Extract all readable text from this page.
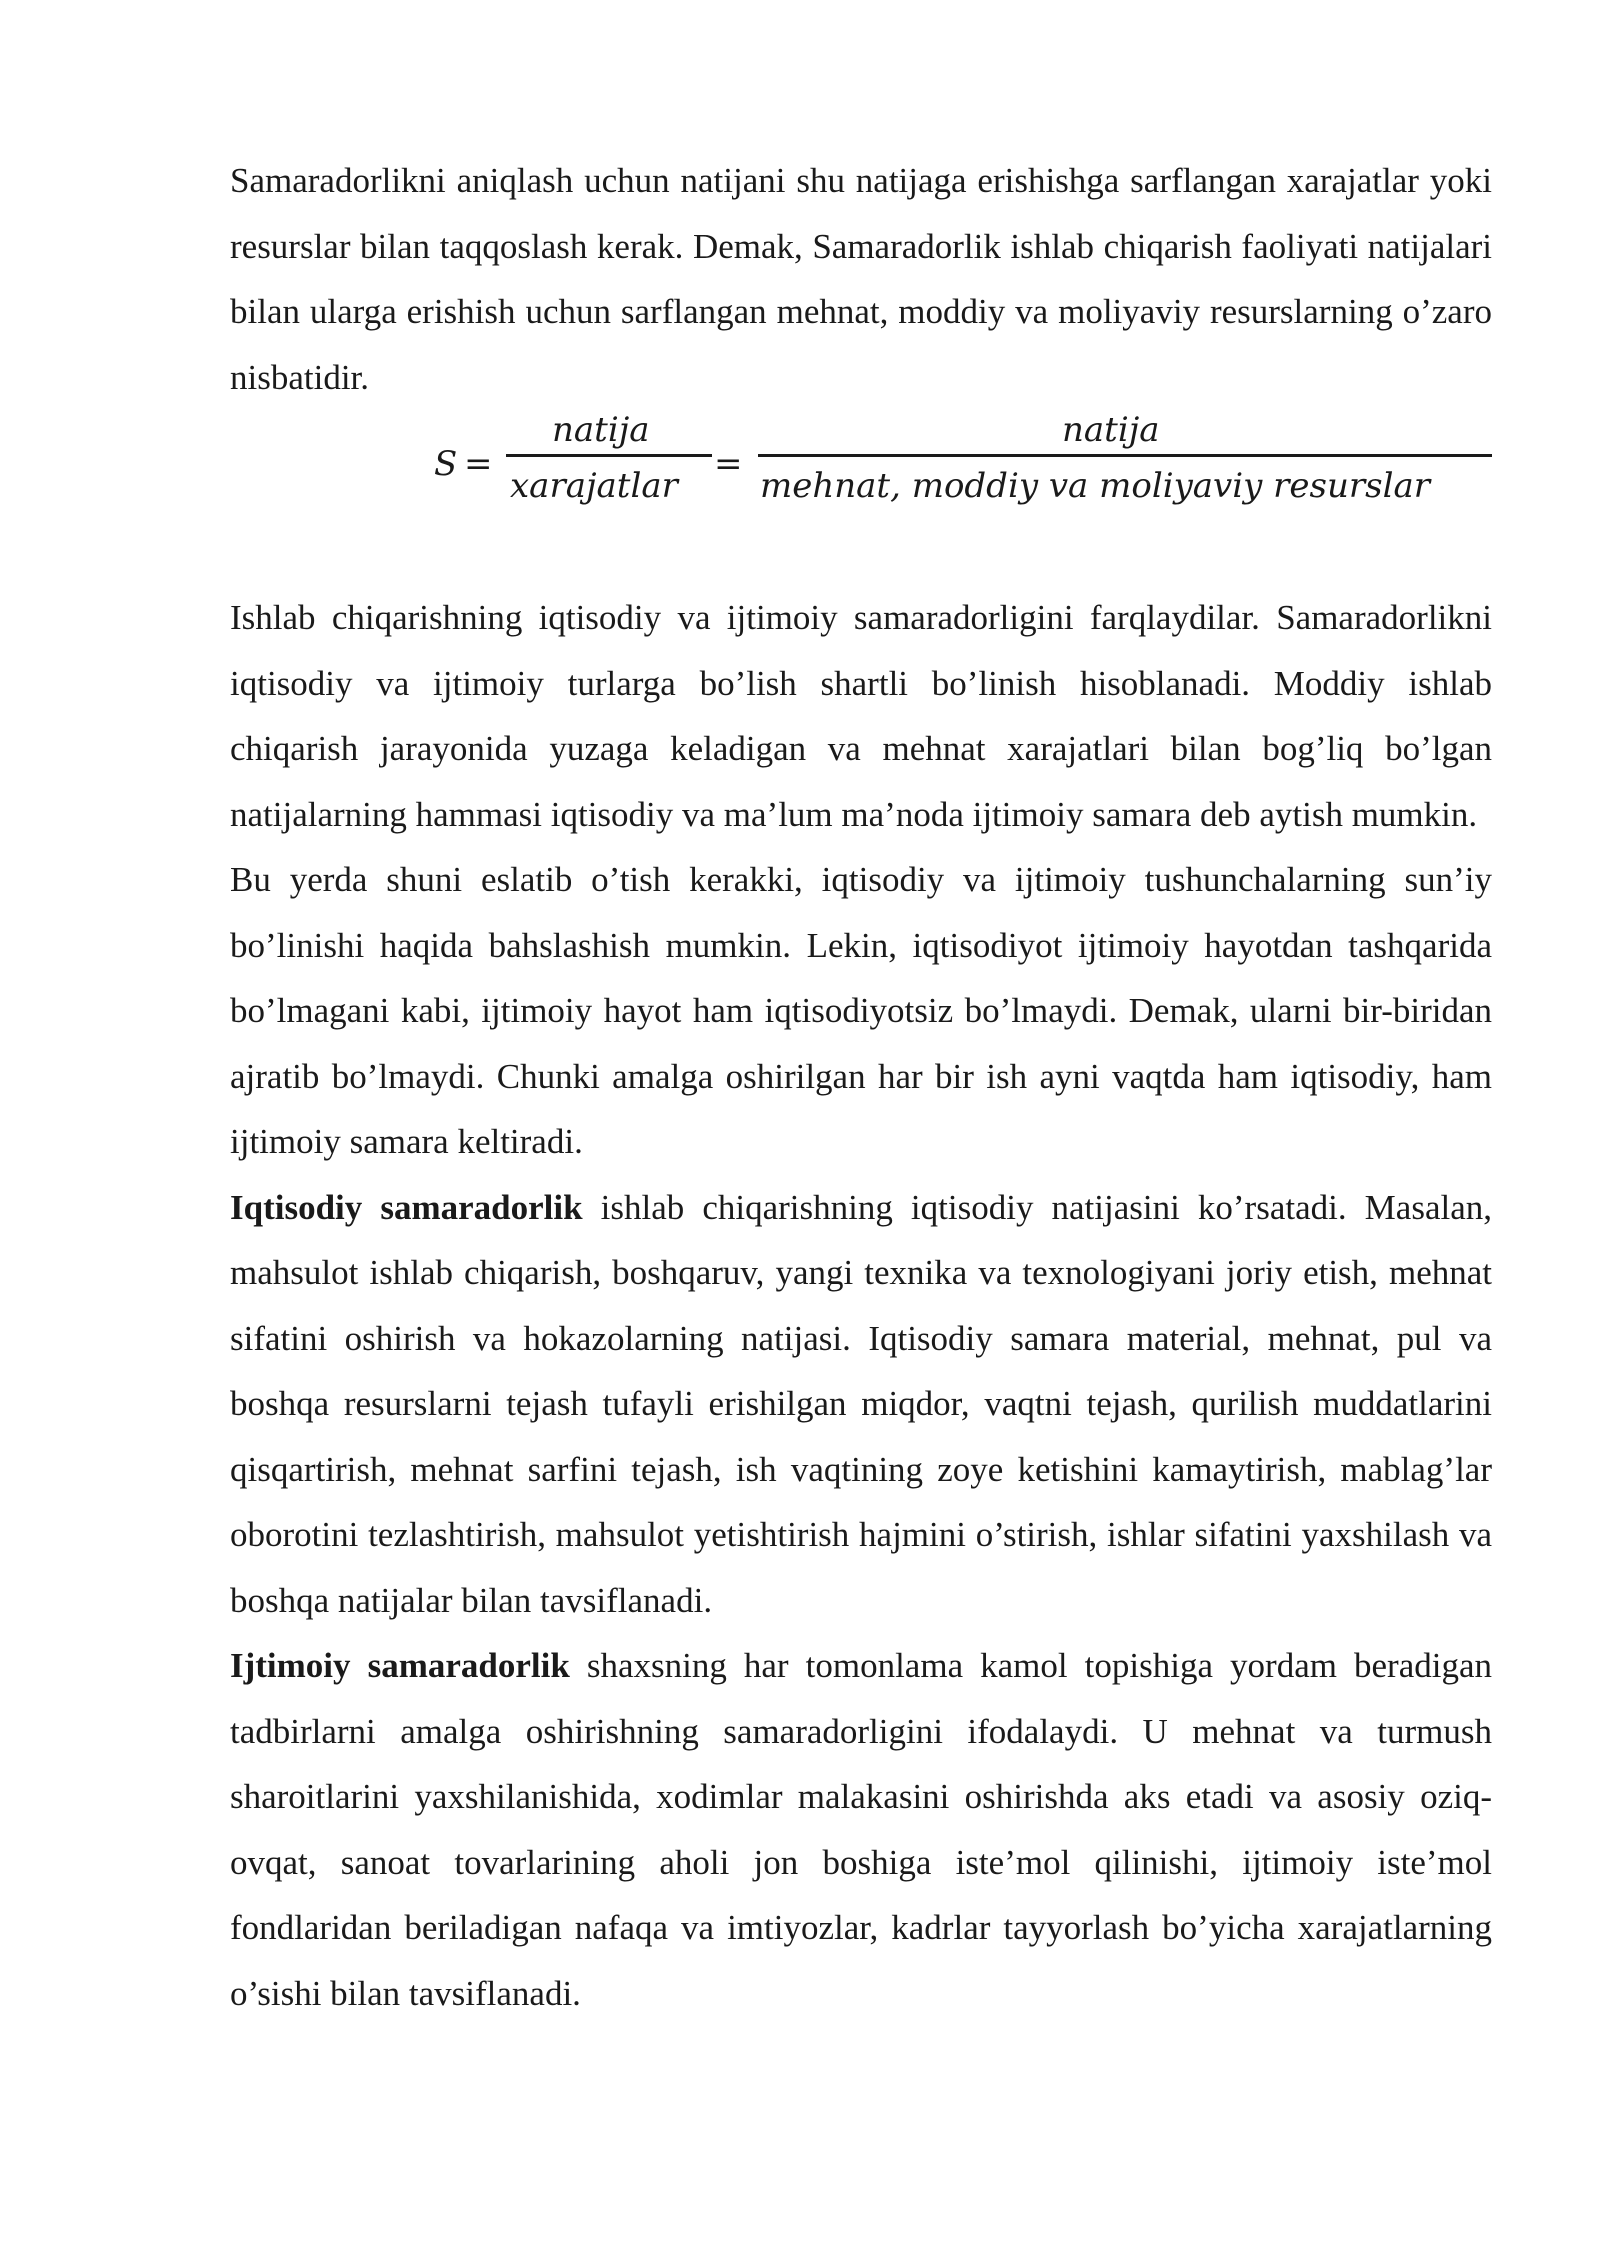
Samaradorlikni aniqlash uchun natijani shu natijaga erishishga sarflangan xarajatlar yoki resurslar bilan taqqoslash kerak. Demak, Samaradorlik ishlab chiqarish faoliyati natijalari bilan ularga erishish uchun sarflangan mehnat, moddiy va moliyaviy resurslarning o’zaro nisbatidir.

S =
natija
xarajatlar
=
natija
mehnat, moddiy va moliyaviy resurslar

Ishlab chiqarishning iqtisodiy va ijtimoiy samaradorligini farqlaydilar. Samaradorlikni iqtisodiy va ijtimoiy turlarga bo’lish shartli bo’linish hisoblanadi. Moddiy ishlab chiqarish jarayonida yuzaga keladigan va mehnat xarajatlari bilan bog’liq bo’lgan natijalarning hammasi iqtisodiy va ma’lum ma’noda ijtimoiy samara deb aytish mumkin.

Bu yerda shuni eslatib o’tish kerakki, iqtisodiy va ijtimoiy tushunchalarning sun’iy bo’linishi haqida bahslashish mumkin. Lekin, iqtisodiyot ijtimoiy hayotdan tashqarida bo’lmagani kabi, ijtimoiy hayot ham iqtisodiyotsiz bo’lmaydi. Demak, ularni bir-biridan ajratib bo’lmaydi. Chunki amalga oshirilgan har bir ish ayni vaqtda ham iqtisodiy, ham ijtimoiy samara keltiradi.

Iqtisodiy samaradorlik ishlab chiqarishning iqtisodiy natijasini ko’rsatadi. Masalan, mahsulot ishlab chiqarish, boshqaruv, yangi texnika va texnologiyani joriy etish, mehnat sifatini oshirish va hokazolarning natijasi. Iqtisodiy samara material, mehnat, pul va boshqa resurslarni tejash tufayli erishilgan miqdor, vaqtni tejash, qurilish muddatlarini qisqartirish, mehnat sarfini tejash, ish vaqtining zoye ketishini kamaytirish, mablag’lar oborotini tezlashtirish, mahsulot yetishtirish hajmini o’stirish, ishlar sifatini yaxshilash va boshqa natijalar bilan tavsiflanadi.

Ijtimoiy samaradorlik shaxsning har tomonlama kamol topishiga yordam beradigan tadbirlarni amalga oshirishning samaradorligini ifodalaydi. U mehnat va turmush sharoitlarini yaxshilanishida, xodimlar malakasini oshirishda aks etadi va asosiy oziq-ovqat, sanoat tovarlarining aholi jon boshiga iste’mol qilinishi, ijtimoiy iste’mol fondlaridan beriladigan nafaqa va imtiyozlar, kadrlar tayyorlash bo’yicha xarajatlarning o’sishi bilan tavsiflanadi.
